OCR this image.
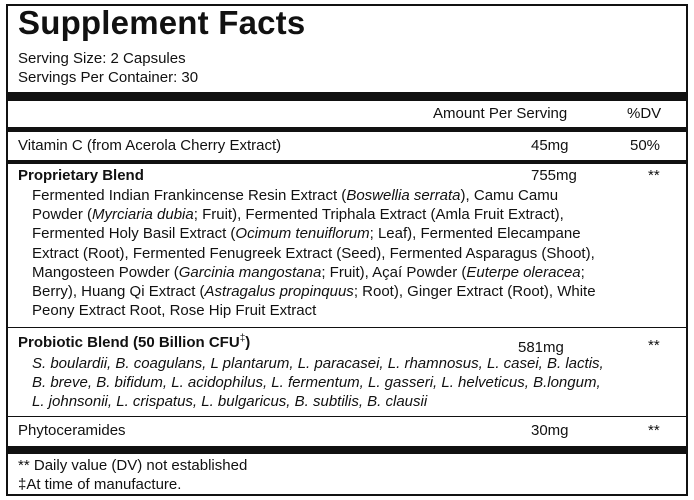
Supplement Facts
Serving Size: 2 Capsules
Servings Per Container: 30
Amount Per Serving	%DV
Vitamin C (from Acerola Cherry Extract)	45mg	50%
Proprietary Blend	755mg	**
Fermented Indian Frankincense Resin Extract (Boswellia serrata), Camu Camu
Powder (Myrciaria dubia; Fruit), Fermented Triphala Extract (Amla Fruit Extract),
Fermented Holy Basil Extract (Ocimum tenuiflorum; Leaf), Fermented Elecampane
Extract (Root), Fermented Fenugreek Extract (Seed), Fermented Asparagus (Shoot),
Mangosteen Powder (Garcinia mangostana; Fruit), Açaí Powder (Euterpe oleracea;
Berry), Huang Qi Extract (Astragalus propinquus; Root), Ginger Extract (Root), White
Peony Extract Root, Rose Hip Fruit Extract
Probiotic Blend (50 Billion CFU‡)	581mg	**
S. boulardii, B. coagulans, L plantarum, L. paracasei, L. rhamnosus, L. casei, B. lactis,
B. breve, B. bifidum, L. acidophilus, L. fermentum, L. gasseri, L. helveticus, B.longum,
L. johnsonii, L. crispatus, L. bulgaricus, B. subtilis, B. clausii
Phytoceramides	30mg	**
** Daily value (DV) not established
‡At time of manufacture.
